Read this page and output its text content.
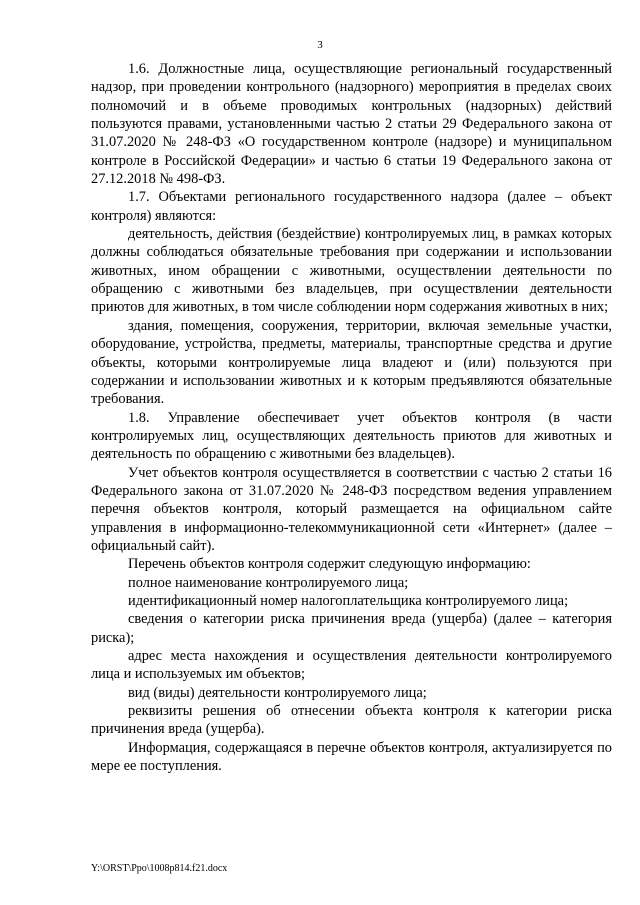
3

1.6. Должностные лица, осуществляющие региональный государственный надзор, при проведении контрольного (надзорного) мероприятия в пределах своих полномочий и в объеме проводимых контрольных (надзорных) действий пользуются правами, установленными частью 2 статьи 29 Федерального закона от 31.07.2020 № 248-ФЗ «О государственном контроле (надзоре) и муниципальном контроле в Российской Федерации» и частью 6 статьи 19 Федерального закона от 27.12.2018 № 498-ФЗ.

1.7. Объектами регионального государственного надзора (далее – объект контроля) являются:

деятельность, действия (бездействие) контролируемых лиц, в рамках которых должны соблюдаться обязательные требования при содержании и использовании животных, ином обращении с животными, осуществлении деятельности по обращению с животными без владельцев, при осуществлении деятельности приютов для животных, в том числе соблюдении норм содержания животных в них;

здания, помещения, сооружения, территории, включая земельные участки, оборудование, устройства, предметы, материалы, транспортные средства и другие объекты, которыми контролируемые лица владеют и (или) пользуются при содержании и использовании животных и к которым предъявляются обязательные требования.

1.8. Управление обеспечивает учет объектов контроля (в части контролируемых лиц, осуществляющих деятельность приютов для животных и деятельность по обращению с животными без владельцев).

Учет объектов контроля осуществляется в соответствии с частью 2 статьи 16 Федерального закона от 31.07.2020 № 248-ФЗ посредством ведения управлением перечня объектов контроля, который размещается на официальном сайте управления в информационно-телекоммуникационной сети «Интернет» (далее – официальный сайт).

Перечень объектов контроля содержит следующую информацию:

полное наименование контролируемого лица;

идентификационный номер налогоплательщика контролируемого лица;

сведения о категории риска причинения вреда (ущерба) (далее – категория риска);

адрес места нахождения и осуществления деятельности контролируемого лица и используемых им объектов;

вид (виды) деятельности контролируемого лица;

реквизиты решения об отнесении объекта контроля к категории риска причинения вреда (ущерба).

Информация, содержащаяся в перечне объектов контроля, актуализируется по мере ее поступления.

Y:\ORST\Ppo\1008p814.f21.docx
